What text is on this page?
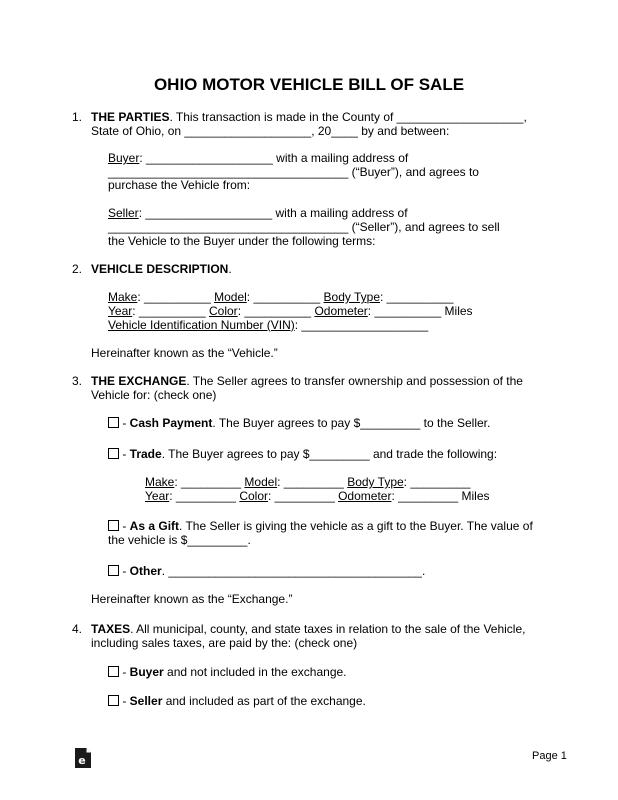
OHIO MOTOR VEHICLE BILL OF SALE
1. THE PARTIES. This transaction is made in the County of ___________________,
State of Ohio, on ___________________, 20____ by and between:
Buyer: ___________________ with a mailing address of
____________________________________ (“Buyer”), and agrees to
purchase the Vehicle from:
Seller: ___________________ with a mailing address of
____________________________________ (“Seller”), and agrees to sell
the Vehicle to the Buyer under the following terms:
2. VEHICLE DESCRIPTION.
Make: __________ Model: __________ Body Type: __________
Year: __________ Color: __________ Odometer: __________ Miles
Vehicle Identification Number (VIN): ___________________
Hereinafter known as the “Vehicle.”
3. THE EXCHANGE. The Seller agrees to transfer ownership and possession of the
Vehicle for: (check one)
- Cash Payment. The Buyer agrees to pay $_________ to the Seller.
- Trade. The Buyer agrees to pay $_________ and trade the following:
Make: _________ Model: _________ Body Type: _________
Year: _________ Color: _________ Odometer: _________ Miles
- As a Gift. The Seller is giving the vehicle as a gift to the Buyer. The value of
the vehicle is $_________.
- Other. ______________________________________.
Hereinafter known as the “Exchange.”
4. TAXES. All municipal, county, and state taxes in relation to the sale of the Vehicle,
including sales taxes, are paid by the: (check one)
- Buyer and not included in the exchange.
- Seller and included as part of the exchange.
e	Page 1
